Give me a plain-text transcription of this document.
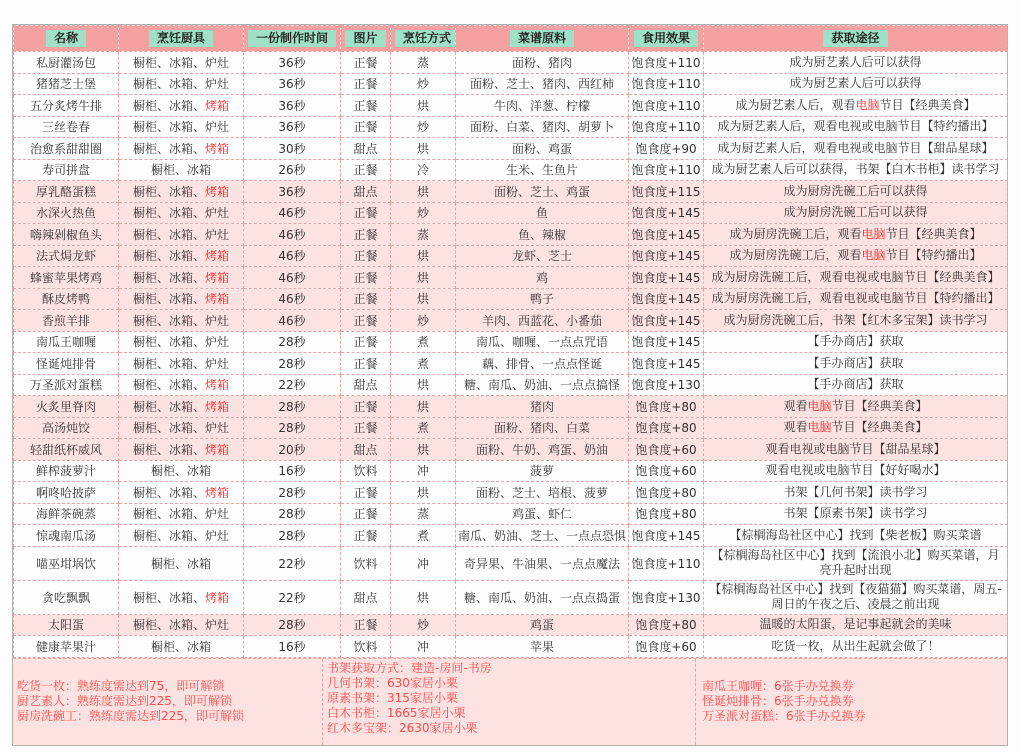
名称	烹饪厨具	一份制作时间	图片	烹饪方式	菜谱原料	食用效果	获取途径
私厨灌汤包	橱柜、冰箱、炉灶	36秒	正餐	蒸	面粉、猪肉	饱食度+110	成为厨艺素人后可以获得
猪猪芝士堡	橱柜、冰箱、炉灶	36秒	正餐	炒	面粉、芝士、猪肉、西红柿	饱食度+110	成为厨艺素人后可以获得
五分炙烤牛排	橱柜、冰箱、烤箱	36秒	正餐	烘	牛肉、洋葱、柠檬	饱食度+110	成为厨艺素人后，观看电脑节目【经典美食】
三丝卷春	橱柜、冰箱、炉灶	36秒	正餐	炒	面粉、白菜、猪肉、胡萝卜	饱食度+110	成为厨艺素人后，观看电视或电脑节目【特约播出】
治愈系甜甜圈	橱柜、冰箱、烤箱	30秒	甜点	烘	面粉、鸡蛋	饱食度+90	成为厨艺素人后，观看电视或电脑节目【甜品星球】
寿司拼盘	橱柜、冰箱	26秒	正餐	冷	生米、生鱼片	饱食度+110	成为厨艺素人后可以获得，书架【白木书柜】读书学习
厚乳酪蛋糕	橱柜、冰箱、烤箱	36秒	甜点	烘	面粉、芝士、鸡蛋	饱食度+115	成为厨房洗碗工后可以获得
水深火热鱼	橱柜、冰箱、炉灶	46秒	正餐	炒	鱼	饱食度+145	成为厨房洗碗工后可以获得
嗨辣剁椒鱼头	橱柜、冰箱、炉灶	46秒	正餐	蒸	鱼、辣椒	饱食度+145	成为厨房洗碗工后，观看电脑节目【经典美食】
法式焗龙虾	橱柜、冰箱、烤箱	46秒	正餐	烘	龙虾、芝士	饱食度+145	成为厨房洗碗工后，观看电脑节目【特约播出】
蜂蜜苹果烤鸡	橱柜、冰箱、烤箱	46秒	正餐	烘	鸡	饱食度+145	成为厨房洗碗工后，观看电视或电脑节目【经典美食】
酥皮烤鸭	橱柜、冰箱、烤箱	46秒	正餐	烘	鸭子	饱食度+145	成为厨房洗碗工后，观看电视或电脑节目【特约播出】
香煎羊排	橱柜、冰箱、炉灶	46秒	正餐	炒	羊肉、西蓝花、小番茄	饱食度+145	成为厨房洗碗工后，书架【红木多宝架】读书学习
南瓜王咖喱	橱柜、冰箱、炉灶	28秒	正餐	煮	南瓜、咖喱、一点点咒语	饱食度+145	【手办商店】获取
怪诞炖排骨	橱柜、冰箱、炉灶	28秒	正餐	煮	藕、排骨、一点点怪诞	饱食度+145	【手办商店】获取
万圣派对蛋糕	橱柜、冰箱、烤箱	22秒	甜点	烘	糖、南瓜、奶油、一点点搞怪	饱食度+130	【手办商店】获取
火炙里脊肉	橱柜、冰箱、烤箱	28秒	正餐	烘	猪肉	饱食度+80	观看电脑节目【经典美食】
高汤炖饺	橱柜、冰箱、炉灶	28秒	正餐	煮	面粉、猪肉、白菜	饱食度+80	观看电脑节目【经典美食】
轻甜纸杯威风	橱柜、冰箱、烤箱	20秒	甜点	烘	面粉、牛奶、鸡蛋、奶油	饱食度+60	观看电视或电脑节目【甜品星球】
鲜榨菠萝汁	橱柜、冰箱	16秒	饮料	冲	菠萝	饱食度+60	观看电视或电脑节目【好好喝水】
啊咚哈披萨	橱柜、冰箱、烤箱	28秒	正餐	烘	面粉、芝士、培根、菠萝	饱食度+80	书架【几何书架】读书学习
海鲜茶碗蒸	橱柜、冰箱、炉灶	28秒	正餐	蒸	鸡蛋、虾仁	饱食度+80	书架【原素书架】读书学习
惊魂南瓜汤	橱柜、冰箱、炉灶	28秒	正餐	煮	南瓜、奶油、芝士、一点点恐惧	饱食度+145	【棕榈海岛社区中心】找到【柴老板】购买菜谱
喵巫坩埚饮	橱柜、冰箱	22秒	饮料	冲	奇异果、牛油果、一点点魔法	饱食度+110	【棕榈海岛社区中心】找到【流浪小北】购买菜谱，月亮升起时出现
贪吃飘飘	橱柜、冰箱、烤箱	22秒	甜点	烘	糖、南瓜、奶油、一点点捣蛋	饱食度+130	【棕榈海岛社区中心】找到【夜猫猫】购买菜谱，周五-周日的午夜之后、凌晨之前出现
太阳蛋	橱柜、冰箱、炉灶	28秒	正餐	炒	鸡蛋	饱食度+80	温暖的太阳蛋，是记事起就会的美味
健康苹果汁	橱柜、冰箱	16秒	饮料	冲	苹果	饱食度+60	吃货一枚，从出生起就会做了！
吃货一枚：熟练度需达到75，即可解锁
厨艺素人：熟练度需达到225，即可解锁
厨房洗碗工：熟练度需达到225，即可解锁
书架获取方式：建造-房间-书房
几何书架：630家居小栗
原素书架：315家居小栗
白木书柜：1665家居小栗
红木多宝架：2630家居小栗
南瓜王咖喱：6张手办兑换券
怪诞炖排骨：6张手办兑换券
万圣派对蛋糕：6张手办兑换券
